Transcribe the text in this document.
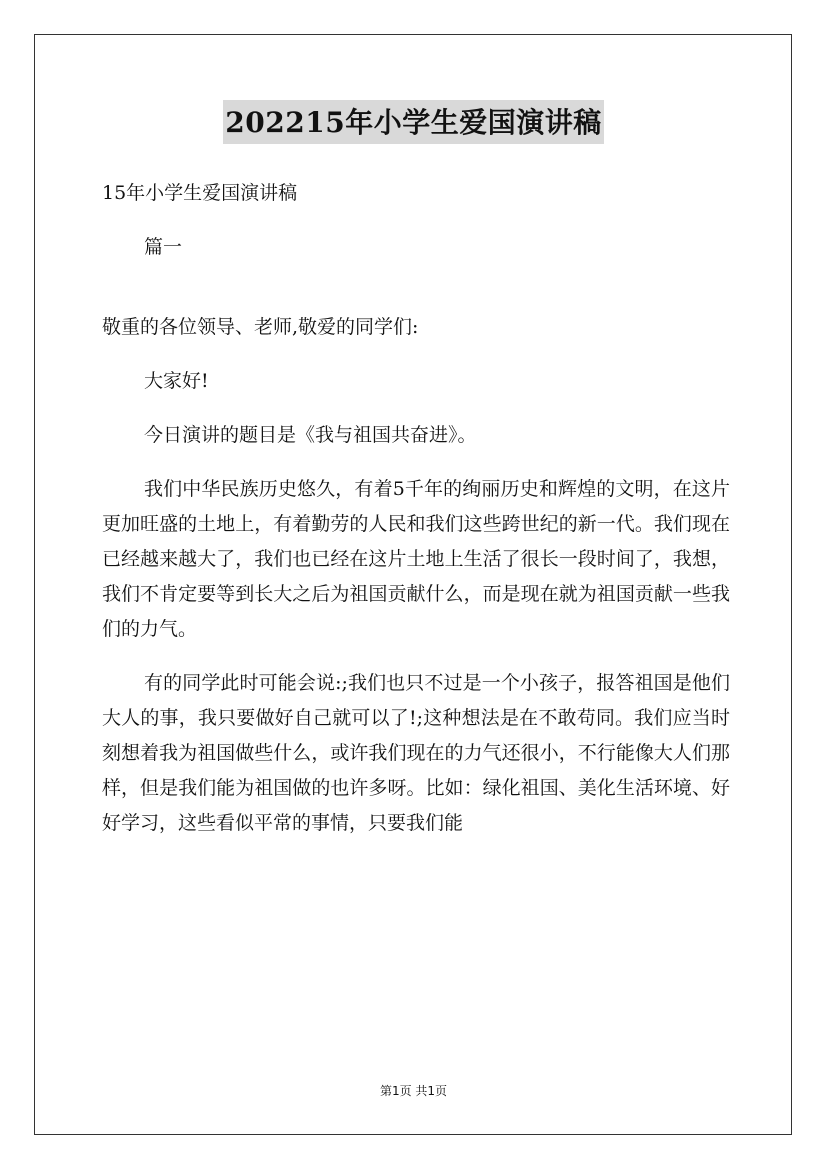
202215年小学生爱国演讲稿

15年小学生爱国演讲稿

篇一

敬重的各位领导、老师,敬爱的同学们:

大家好!

今日演讲的题目是《我与祖国共奋进》。

我们中华民族历史悠久，有着5千年的绚丽历史和辉煌的文明，在这片更加旺盛的土地上，有着勤劳的人民和我们这些跨世纪的新一代。我们现在已经越来越大了，我们也已经在这片土地上生活了很长一段时间了，我想，我们不肯定要等到长大之后为祖国贡献什么，而是现在就为祖国贡献一些我们的力气。

有的同学此时可能会说:;我们也只不过是一个小孩子，报答祖国是他们大人的事，我只要做好自己就可以了!;这种想法是在不敢苟同。我们应当时刻想着我为祖国做些什么，或许我们现在的力气还很小，不行能像大人们那样，但是我们能为祖国做的也许多呀。比如：绿化祖国、美化生活环境、好好学习，这些看似平常的事情，只要我们能

第1页 共1页
